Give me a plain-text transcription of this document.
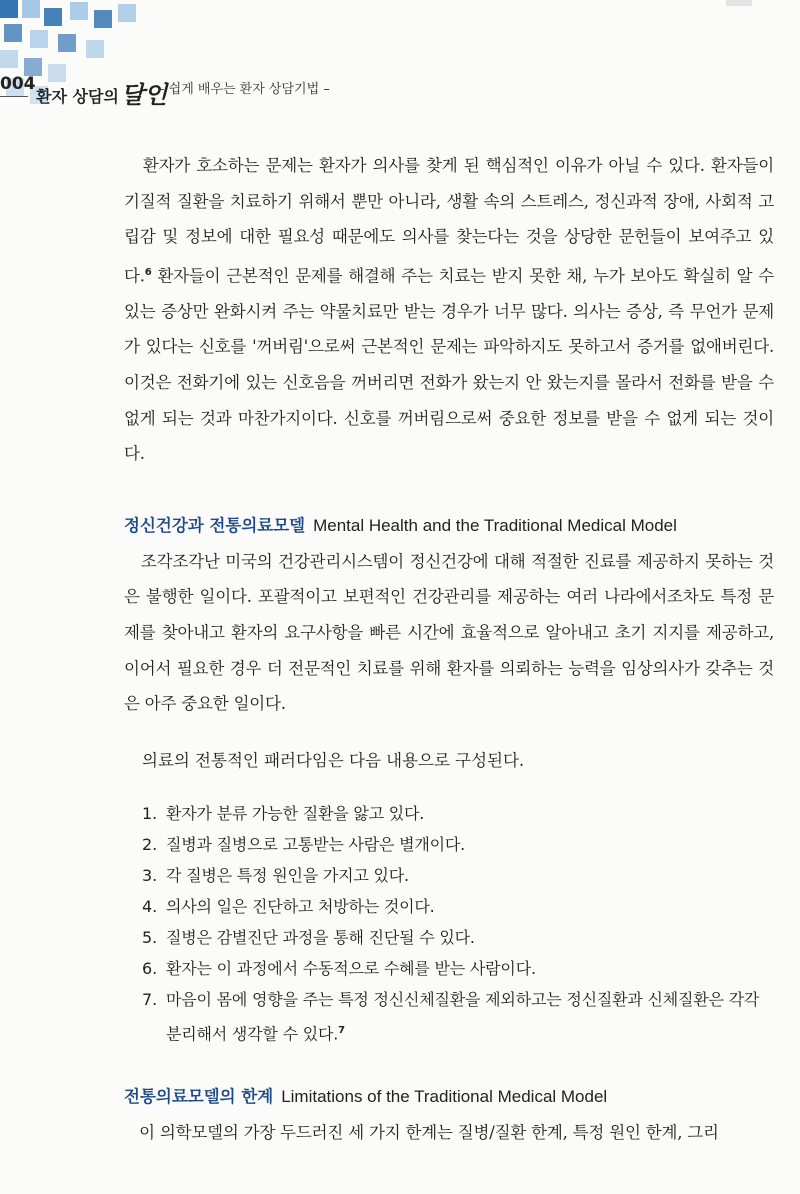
004
환자 상담의달인
– 쉽게 배우는 환자 상담기법 –

환자가 호소하는 문제는 환자가 의사를 찾게 된 핵심적인 이유가 아닐 수 있다. 환자들이 기질적 질환을 치료하기 위해서 뿐만 아니라, 생활 속의 스트레스, 정신과적 장애, 사회적 고립감 및 정보에 대한 필요성 때문에도 의사를 찾는다는 것을 상당한 문헌들이 보여주고 있다.$^6$ 환자들이 근본적인 문제를 해결해 주는 치료는 받지 못한 채, 누가 보아도 확실히 알 수 있는 증상만 완화시켜 주는 약물치료만 받는 경우가 너무 많다. 의사는 증상, 즉 무언가 문제가 있다는 신호를 '꺼버림'으로써 근본적인 문제는 파악하지도 못하고서 증거를 없애버린다. 이것은 전화기에 있는 신호음을 꺼버리면 전화가 왔는지 안 왔는지를 몰라서 전화를 받을 수 없게 되는 것과 마찬가지이다. 신호를 꺼버림으로써 중요한 정보를 받을 수 없게 되는 것이다.

정신건강과 전통의료모델 Mental Health and the Traditional Medical Model

조각조각난 미국의 건강관리시스템이 정신건강에 대해 적절한 진료를 제공하지 못하는 것은 불행한 일이다. 포괄적이고 보편적인 건강관리를 제공하는 여러 나라에서조차도 특정 문제를 찾아내고 환자의 요구사항을 빠른 시간에 효율적으로 알아내고 초기 지지를 제공하고, 이어서 필요한 경우 더 전문적인 치료를 위해 환자를 의뢰하는 능력을 임상의사가 갖추는 것은 아주 중요한 일이다.

의료의 전통적인 패러다임은 다음 내용으로 구성된다.

1. 환자가 분류 가능한 질환을 앓고 있다.
2. 질병과 질병으로 고통받는 사람은 별개이다.
3. 각 질병은 특정 원인을 가지고 있다.
4. 의사의 일은 진단하고 처방하는 것이다.
5. 질병은 감별진단 과정을 통해 진단될 수 있다.
6. 환자는 이 과정에서 수동적으로 수혜를 받는 사람이다.
7. 마음이 몸에 영향을 주는 특정 정신신체질환을 제외하고는 정신질환과 신체질환은 각각 분리해서 생각할 수 있다.$^7$
전통의료모델의 한계 Limitations of the Traditional Medical Model

이 의학모델의 가장 두드러진 세 가지 한계는 질병/질환 한계, 특정 원인 한계, 그리
